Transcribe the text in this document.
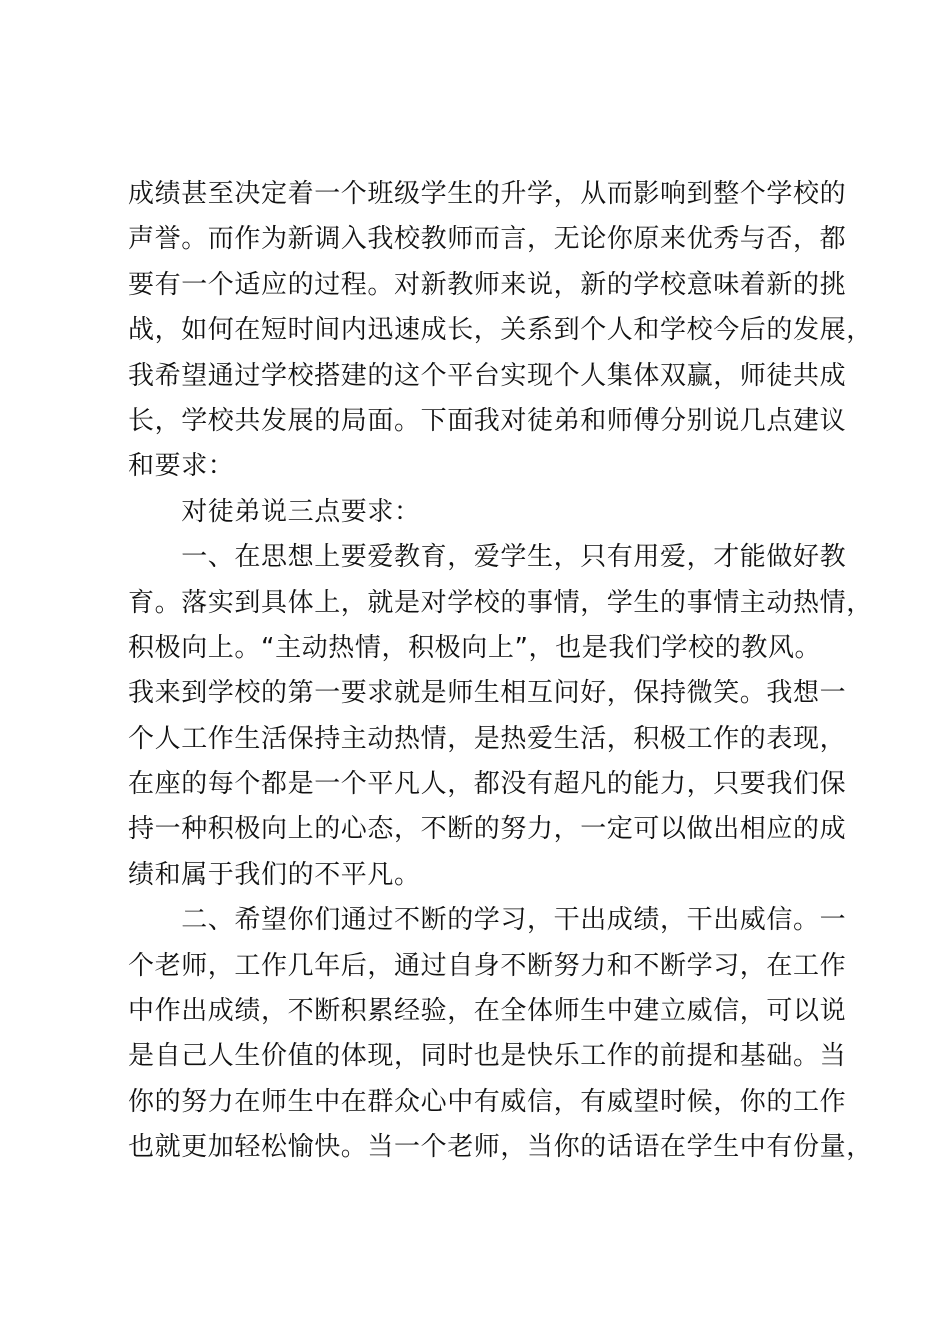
成绩甚至决定着一个班级学生的升学，从而影响到整个学校的
声誉。而作为新调入我校教师而言，无论你原来优秀与否，都
要有一个适应的过程。对新教师来说，新的学校意味着新的挑
战，如何在短时间内迅速成长，关系到个人和学校今后的发展，
我希望通过学校搭建的这个平台实现个人集体双赢，师徒共成
长，学校共发展的局面。下面我对徒弟和师傅分别说几点建议
和要求：
　　对徒弟说三点要求：
　　一、在思想上要爱教育，爱学生，只有用爱，才能做好教
育。落实到具体上，就是对学校的事情，学生的事情主动热情，
积极向上。“主动热情，积极向上”，也是我们学校的教风。
我来到学校的第一要求就是师生相互问好，保持微笑。我想一
个人工作生活保持主动热情，是热爱生活，积极工作的表现，
在座的每个都是一个平凡人，都没有超凡的能力，只要我们保
持一种积极向上的心态，不断的努力，一定可以做出相应的成
绩和属于我们的不平凡。
　　二、希望你们通过不断的学习，干出成绩，干出威信。一
个老师，工作几年后，通过自身不断努力和不断学习，在工作
中作出成绩，不断积累经验，在全体师生中建立威信，可以说
是自己人生价值的体现，同时也是快乐工作的前提和基础。当
你的努力在师生中在群众心中有威信，有威望时候，你的工作
也就更加轻松愉快。当一个老师，当你的话语在学生中有份量，
